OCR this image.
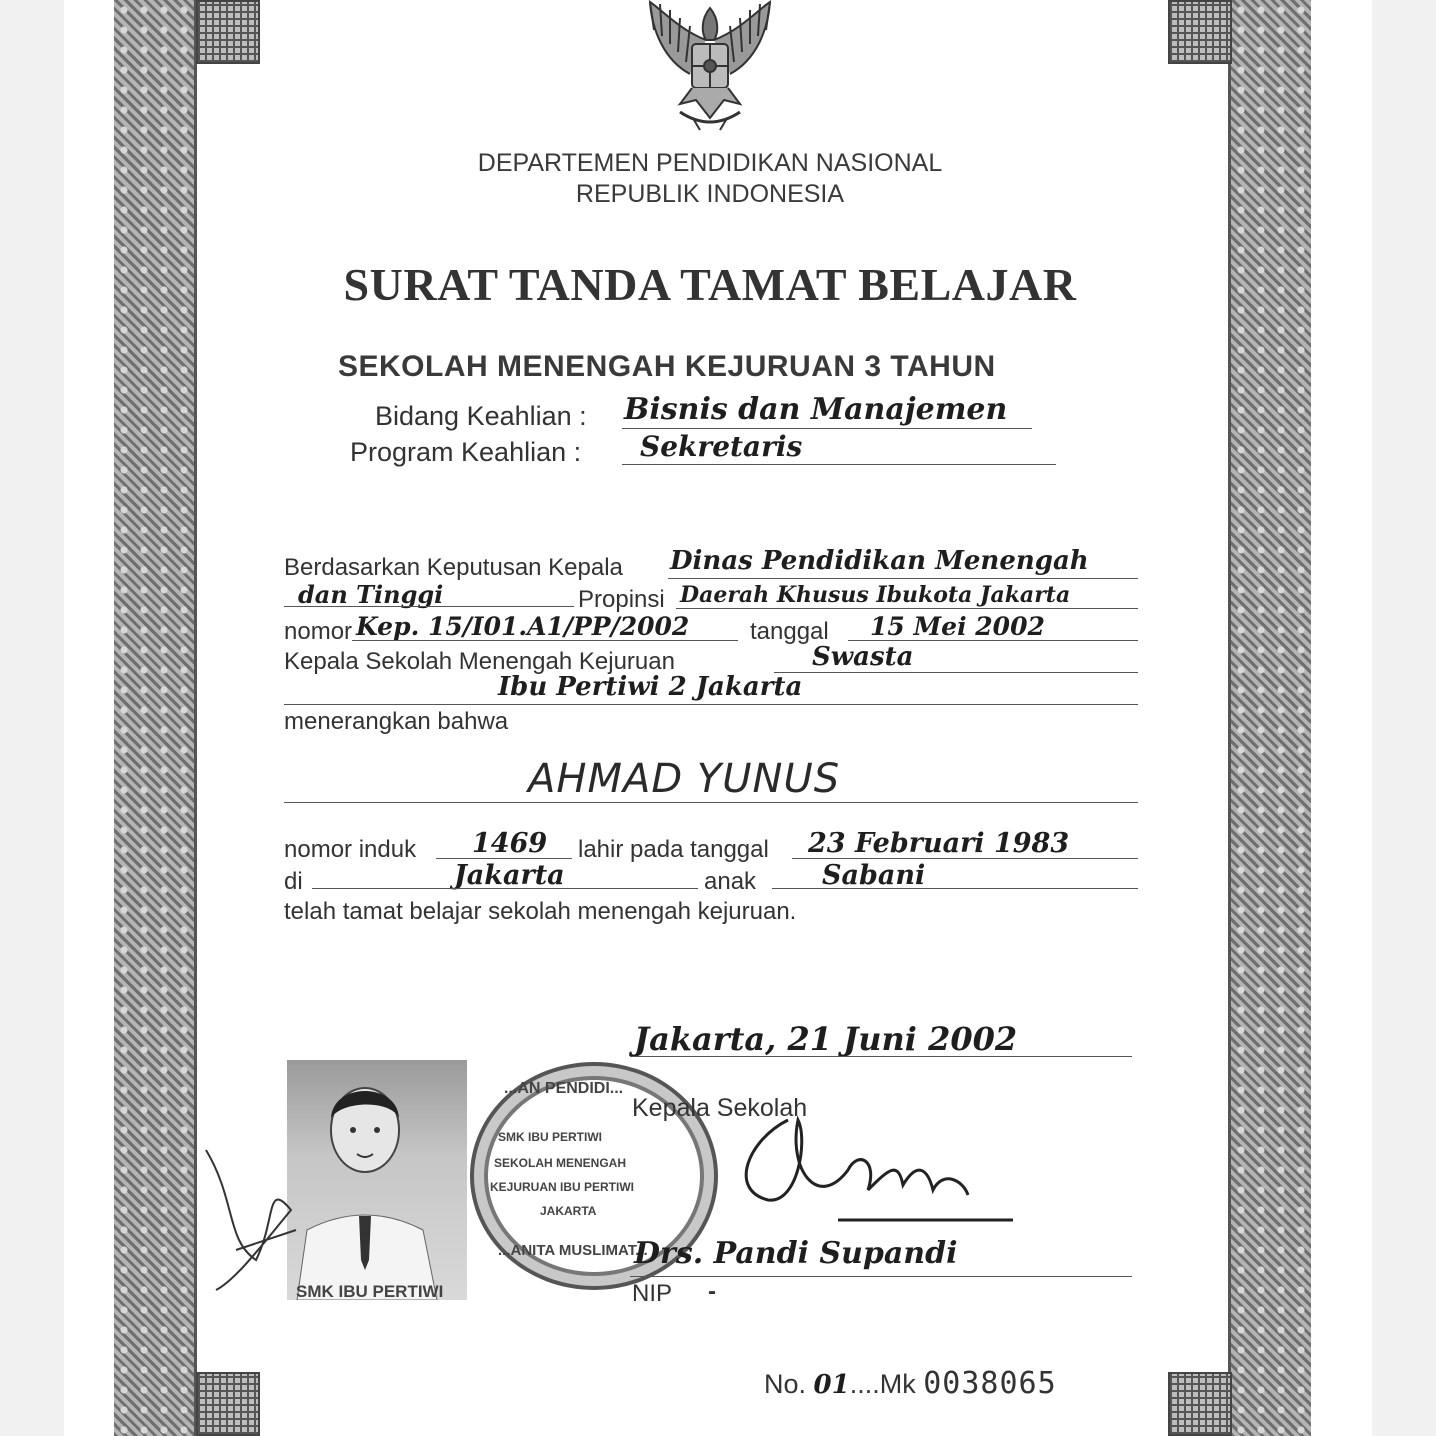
DEPARTEMEN PENDIDIKAN NASIONAL
REPUBLIK INDONESIA
SURAT TANDA TAMAT BELAJAR
SEKOLAH MENENGAH KEJURUAN 3 TAHUN
Bidang Keahlian : Bisnis dan Manajemen
Program Keahlian : Sekretaris
Berdasarkan Keputusan Kepala Dinas Pendidikan Menengah
dan Tinggi	Propinsi Daerah Khusus Ibukota Jakarta
nomor Kep. 15/I01.A1/PP/2002	tanggal 15 Mei 2002
Kepala Sekolah Menengah Kejuruan	Swasta
Ibu Pertiwi 2 Jakarta
menerangkan bahwa
AHMAD YUNUS
nomor induk 1469 lahir pada tanggal 23 Februari 1983
di	Jakarta	anak Sabani
telah tamat belajar sekolah menengah kejuruan.
Jakarta, 21 Juni 2002
SMK IBU PERTIWI
...AN PENDIDI...
SMK IBU PERTIWI
SEKOLAH MENENGAH
KEJURUAN IBU PERTIWI
JAKARTA
...ANITA MUSLIMAT...
Kepala Sekolah
Drs. Pandi Supandi
NIP -
No. 01....Mk 0038065
